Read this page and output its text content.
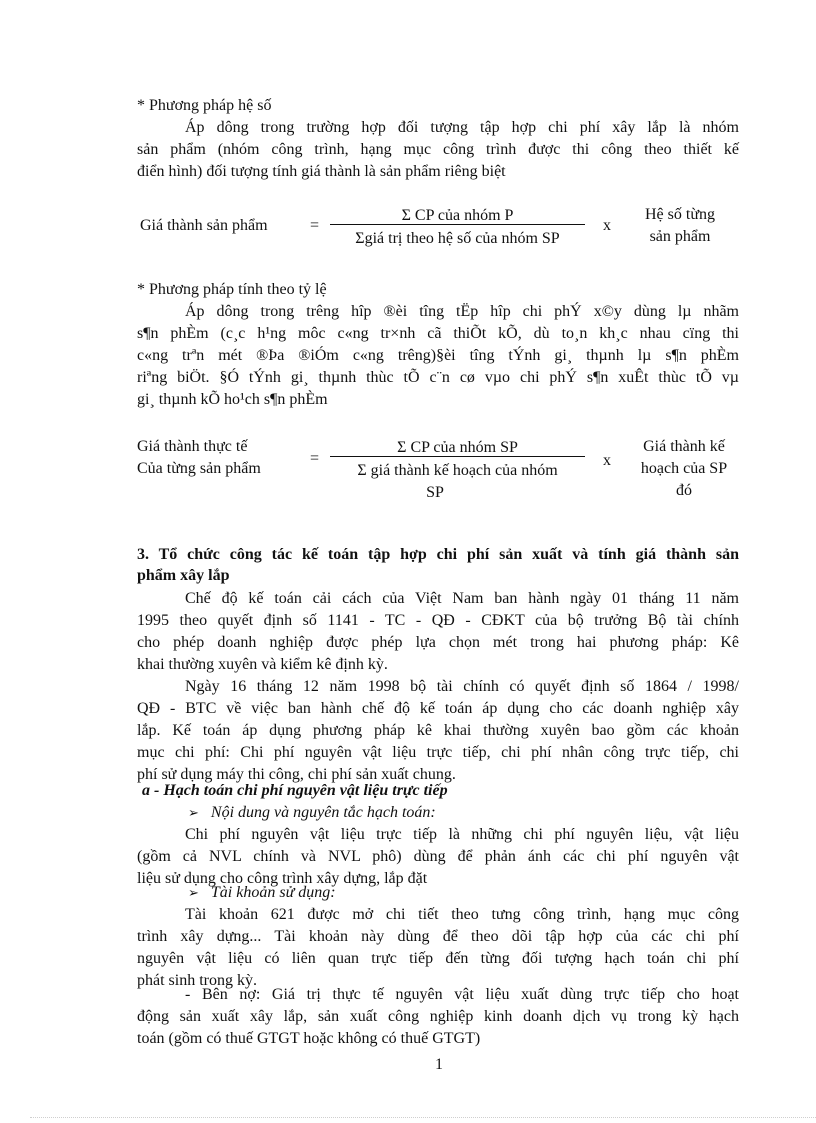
* Phương pháp hệ số
Áp dông trong trường hợp đối tượng tập hợp chi phí xây lắp là nhóm
sản phẩm (nhóm công trình, hạng mục công trình được thi công theo thiết kế
điển hình) đối tượng tính giá thành là sản phẩm riêng biệt
Giá thành sản phẩm	=
Σ CP của nhóm P
Σgiá trị theo hệ số của nhóm SP
x
Hệ số từng
sản phẩm
* Phương pháp tính theo tỷ lệ
Áp dông trong trêng hîp ®èi tîng tËp hîp chi phÝ x©y dùng lµ nhãm
s¶n phÈm (c¸c h¹ng môc c«ng tr×nh cã thiÕt kÕ, dù to¸n kh¸c nhau cïng thi
c«ng trªn mét ®Þa ®iÓm c«ng trêng)§èi tîng tÝnh gi¸ thµnh lµ s¶n phÈm
riªng biÖt. §Ó tÝnh gi¸ thµnh thùc tÕ c¨n cø vµo chi phÝ s¶n xuÊt thùc tÕ vµ
gi¸ thµnh kÕ ho¹ch s¶n phÈm
Giá thành thực tế
Của từng sản phẩm
=
Σ CP của nhóm SP
Σ giá thành kế hoạch của nhóm
SP
x
Giá thành kế
hoạch của SP
đó
3. Tổ chức công tác kế toán tập hợp chi phí sản xuất và tính giá thành sản
phẩm xây lắp
Chế độ kế toán cải cách của Việt Nam ban hành ngày 01 tháng 11 năm
1995 theo quyết định số 1141 - TC - QĐ - CĐKT của bộ trưởng Bộ tài chính
cho phép doanh nghiệp được phép lựa chọn mét trong hai phương pháp: Kê
khai thường xuyên và kiểm kê định kỳ.
Ngày 16 tháng 12 năm 1998 bộ tài chính có quyết định số 1864 / 1998/
QĐ - BTC về việc ban hành chế độ kế toán áp dụng cho các doanh nghiệp xây
lắp. Kế toán áp dụng phương pháp kê khai thường xuyên bao gồm các khoản
mục chi phí: Chi phí nguyên vật liệu trực tiếp, chi phí nhân công trực tiếp, chi
phí sử dụng máy thi công, chi phí sản xuất chung.
a - Hạch toán chi phí nguyên vật liệu trực tiếp
➢ Nội dung và nguyên tắc hạch toán:
Chi phí nguyên vật liệu trực tiếp là những chi phí nguyên liệu, vật liệu
(gồm cả NVL chính và NVL phô) dùng để phản ánh các chi phí nguyên vật
liệu sử dụng cho công trình xây dựng, lắp đặt
➢ Tài khoản sử dụng:
Tài khoản 621 được mở chi tiết theo tưng công trình, hạng mục công
trình xây dựng... Tài khoản này dùng để theo dõi tập hợp của các chi phí
nguyên vật liệu có liên quan trực tiếp đến từng đối tượng hạch toán chi phí
phát sinh trong kỳ.
- Bên nợ: Giá trị thực tế nguyên vật liệu xuất dùng trực tiếp cho hoạt
động sản xuất xây lắp, sản xuất công nghiệp kinh doanh dịch vụ trong kỳ hạch
toán (gồm có thuế GTGT hoặc không có thuế GTGT)
1
